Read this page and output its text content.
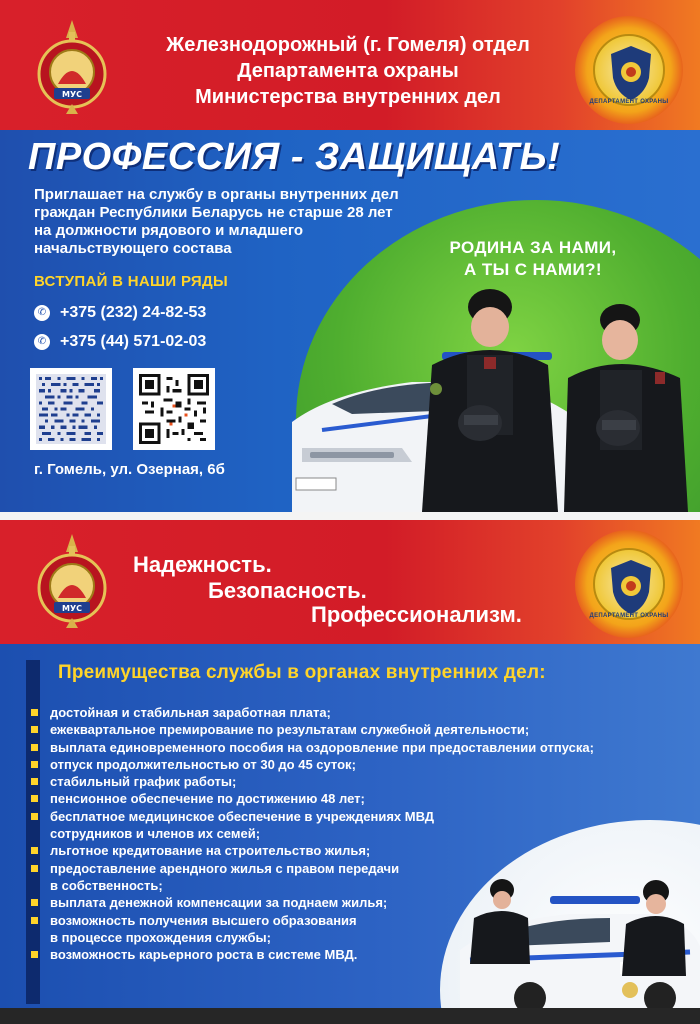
МУС
Железнодорожный (г. Гомеля) отдел
Департамента охраны
Министерства внутренних дел	ДЕПАРТАМЕНТ ОХРАНЫ
ПРОФЕССИЯ - ЗАЩИЩАТЬ!
Приглашает на службу в органы внутренних дел
граждан Республики Беларусь не старше 28 лет
на должности рядового и младшего
начальствующего состава
ВСТУПАЙ В НАШИ РЯДЫ
✆ +375 (232) 24-82-53
✆ +375 (44) 571-02-03
г. Гомель, ул. Озерная, 6б
РОДИНА ЗА НАМИ,
А ТЫ С НАМИ?!
МУС
Надежность.
Безопасность.
Профессионализм.	ДЕПАРТАМЕНТ ОХРАНЫ
Преимущества службы в органах внутренних дел:
достойная и стабильная заработная плата;
ежеквартальное премирование по результатам служебной деятельности;
выплата единовременного пособия на оздоровление при предоставлении отпуска;
отпуск продолжительностью от 30 до 45 суток;
стабильный график работы;
пенсионное обеспечение по достижению 48 лет;
бесплатное медицинское обеспечение в учреждениях МВД
сотрудников и членов их семей;
льготное кредитование на строительство жилья;
предоставление арендного жилья с правом передачи
в собственность;
выплата денежной компенсации за поднаем жилья;
возможность получения высшего образования
в процессе прохождения службы;
возможность карьерного роста в системе МВД.
